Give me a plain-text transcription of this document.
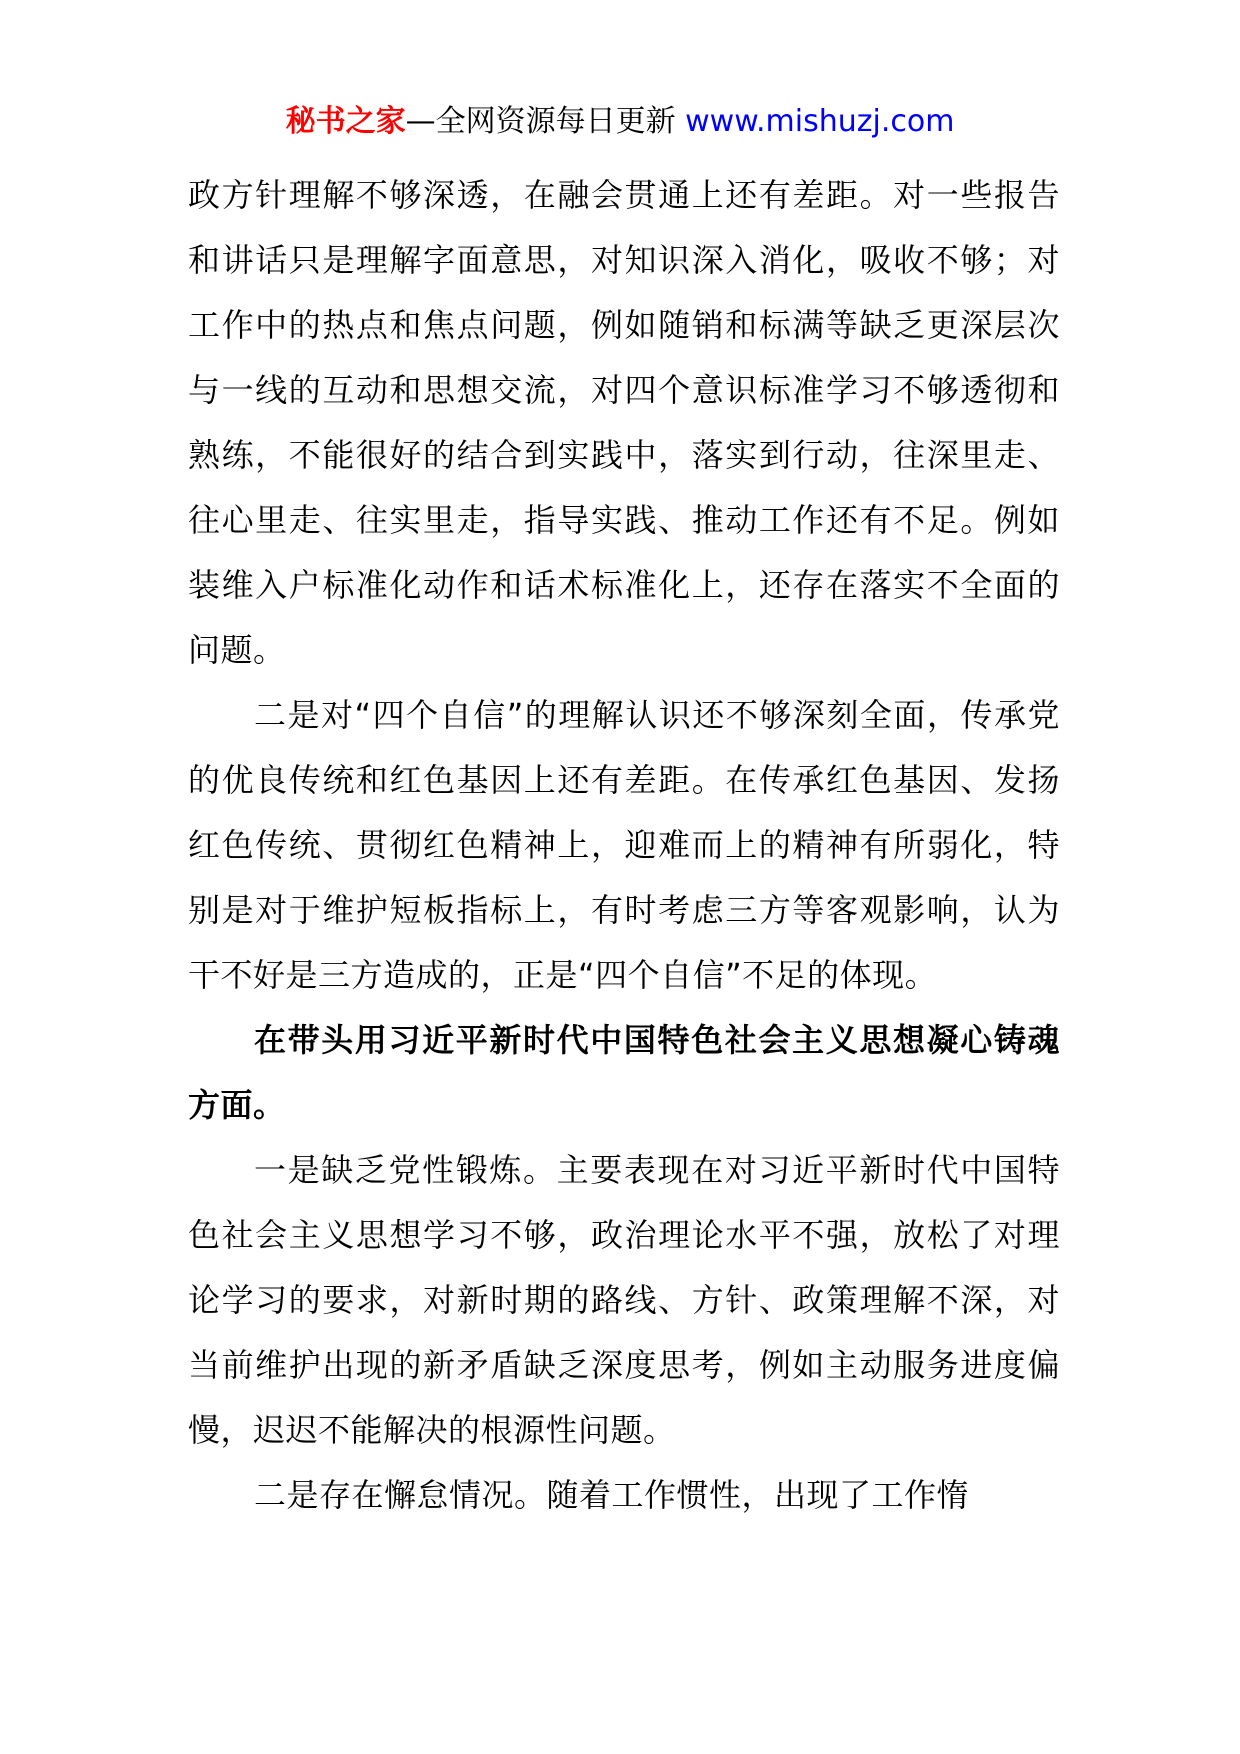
秘书之家—全网资源每日更新 www.mishuzj.com

政方针理解不够深透，在融会贯通上还有差距。对一些报告和讲话只是理解字面意思，对知识深入消化，吸收不够；对工作中的热点和焦点问题，例如随销和标满等缺乏更深层次与一线的互动和思想交流，对四个意识标准学习不够透彻和熟练，不能很好的结合到实践中，落实到行动，往深里走、往心里走、往实里走，指导实践、推动工作还有不足。例如装维入户标准化动作和话术标准化上，还存在落实不全面的问题。

二是对“四个自信”的理解认识还不够深刻全面，传承党的优良传统和红色基因上还有差距。在传承红色基因、发扬红色传统、贯彻红色精神上，迎难而上的精神有所弱化，特别是对于维护短板指标上，有时考虑三方等客观影响，认为干不好是三方造成的，正是“四个自信”不足的体现。

在带头用习近平新时代中国特色社会主义思想凝心铸魂方面。

一是缺乏党性锻炼。主要表现在对习近平新时代中国特色社会主义思想学习不够，政治理论水平不强，放松了对理论学习的要求，对新时期的路线、方针、政策理解不深，对当前维护出现的新矛盾缺乏深度思考，例如主动服务进度偏慢，迟迟不能解决的根源性问题。

二是存在懈怠情况。随着工作惯性，出现了工作惰
